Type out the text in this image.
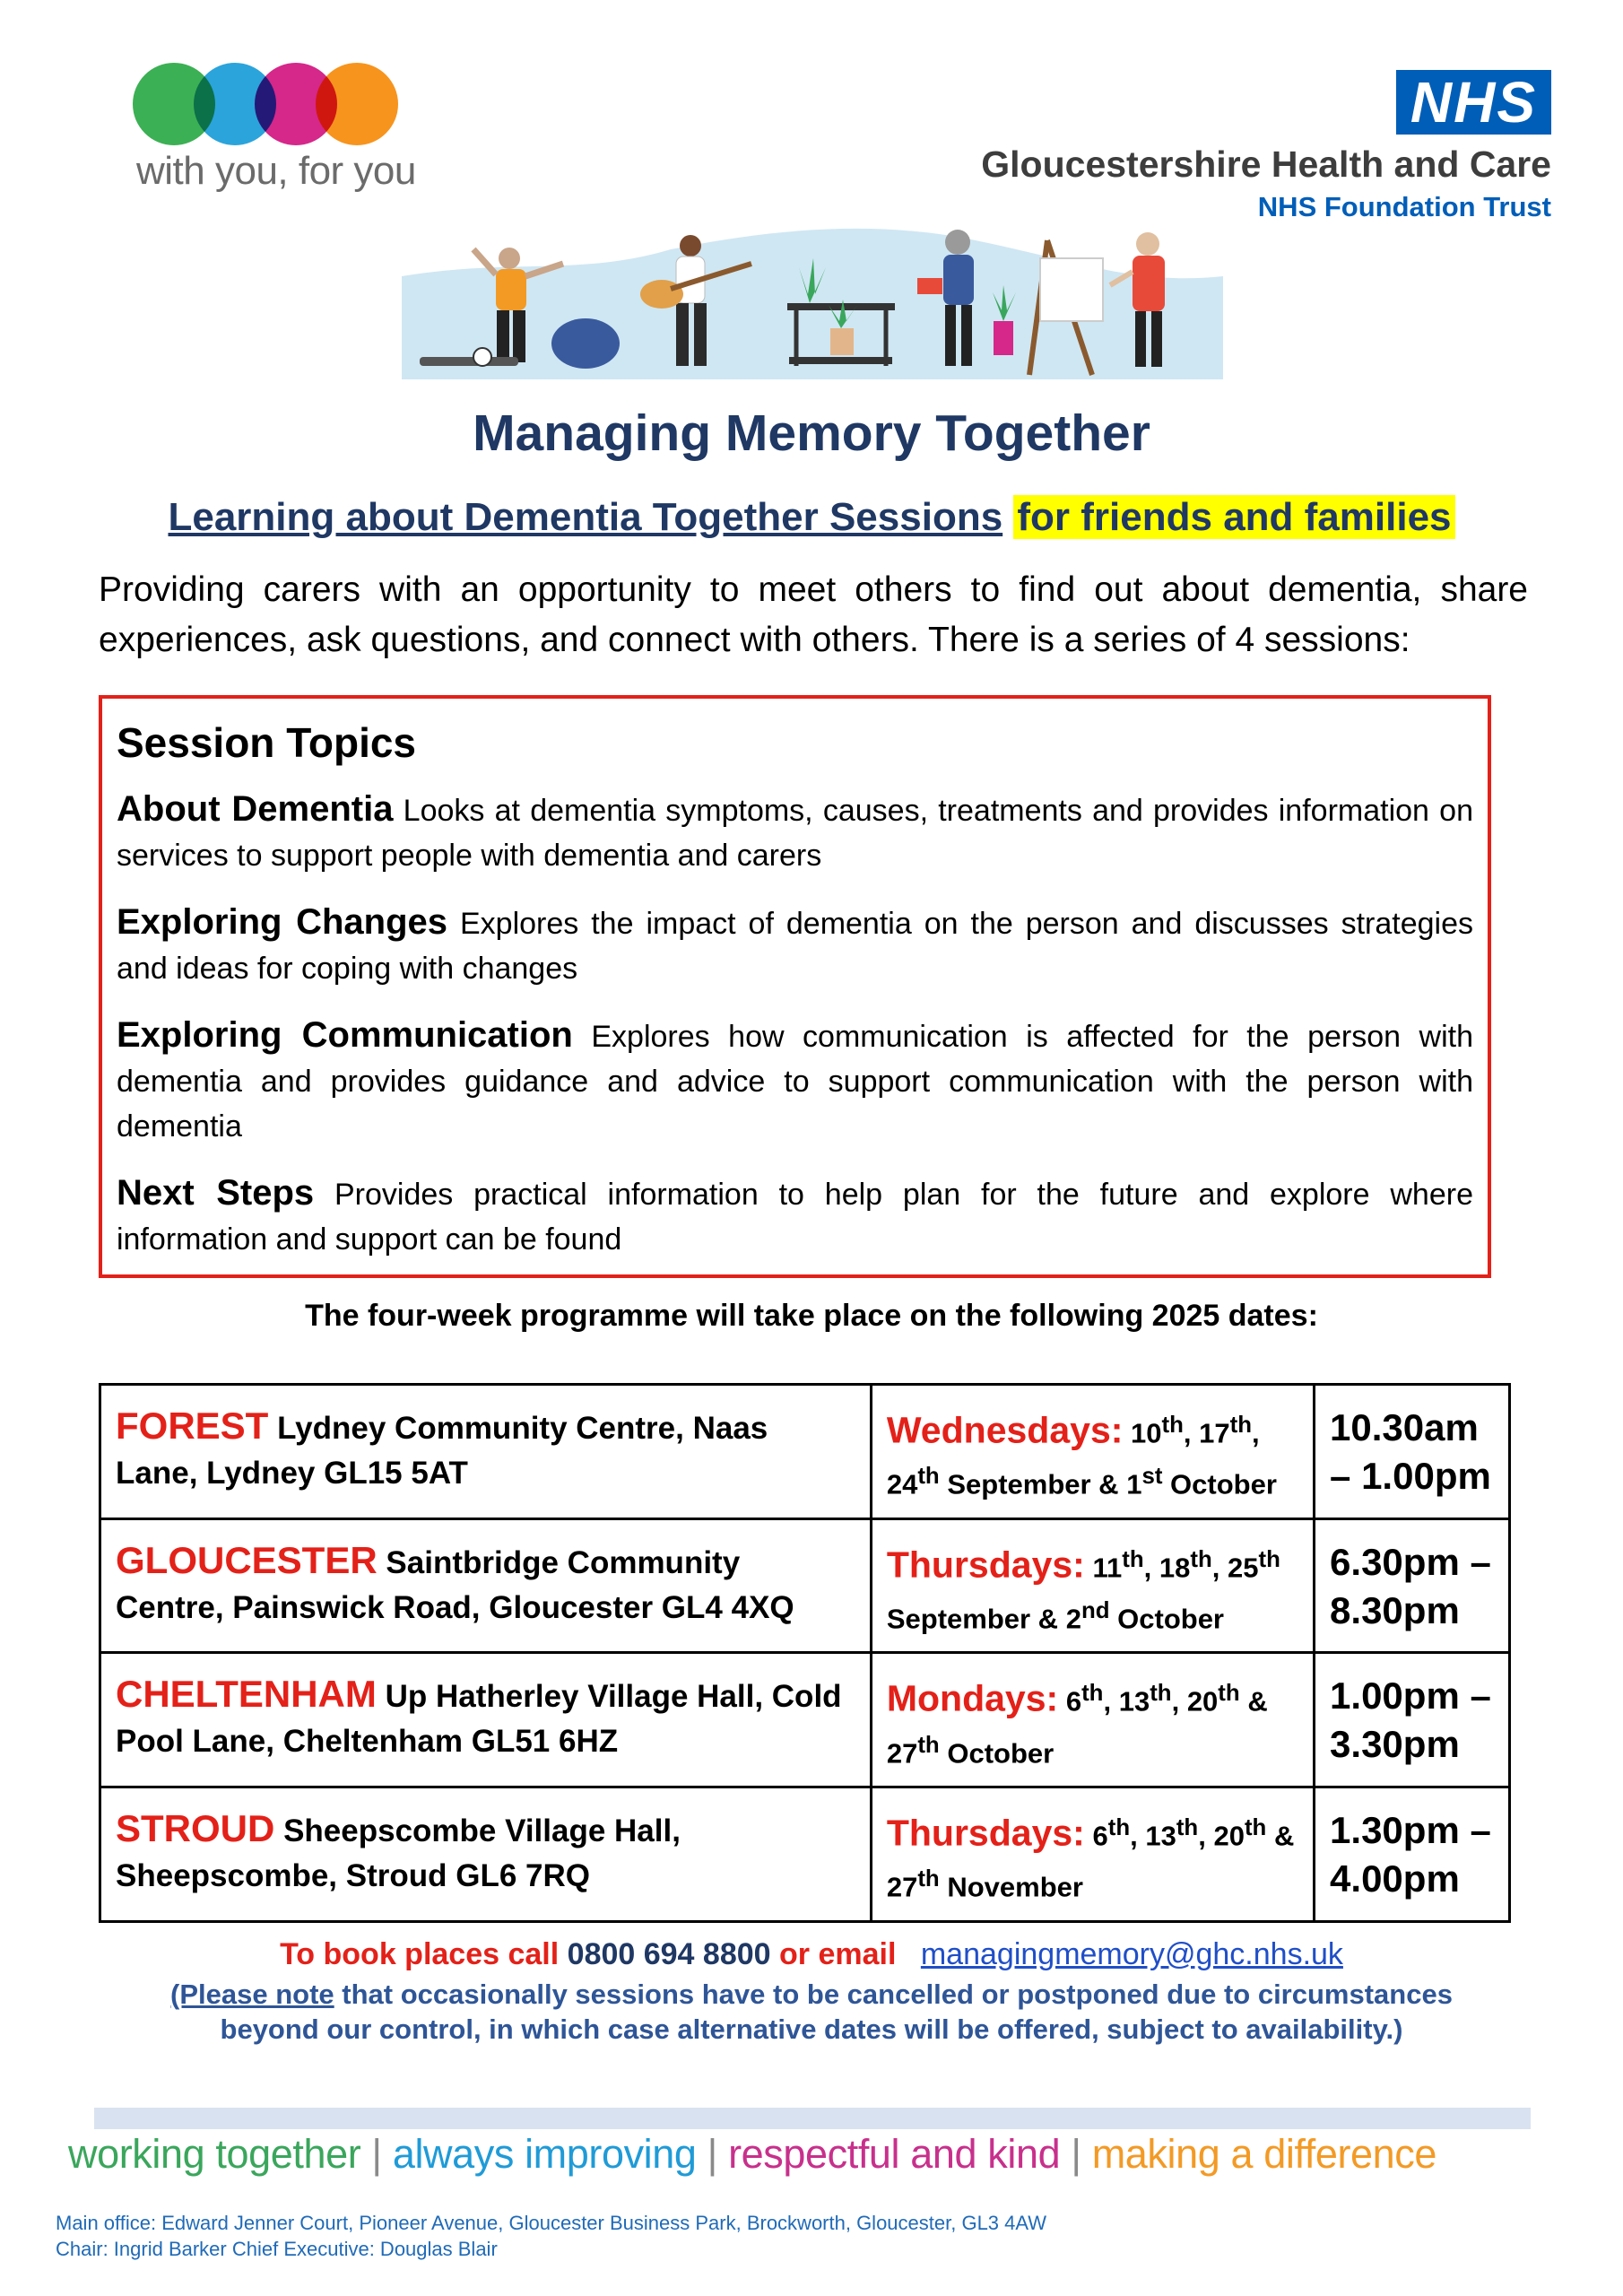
with you, for you
NHS
Gloucestershire Health and Care
NHS Foundation Trust
Managing Memory Together
Learning about Dementia Together Sessions for friends and families
Providing carers with an opportunity to meet others to find out about dementia, share experiences, ask questions, and connect with others. There is a series of 4 sessions:
Session Topics
About Dementia Looks at dementia symptoms, causes, treatments and provides information on services to support people with dementia and carers
Exploring Changes Explores the impact of dementia on the person and discusses strategies and ideas for coping with changes
Exploring Communication Explores how communication is affected for the person with dementia and provides guidance and advice to support communication with the person with dementia
Next Steps Provides practical information to help plan for the future and explore where information and support can be found
The four-week programme will take place on the following 2025 dates:
FOREST Lydney Community Centre, Naas Lane, Lydney GL15 5AT	Wednesdays: 10th, 17th, 24th September & 1st October	10.30am – 1.00pm
GLOUCESTER Saintbridge Community Centre, Painswick Road, Gloucester GL4 4XQ	Thursdays: 11th, 18th, 25th September & 2nd October	6.30pm – 8.30pm
CHELTENHAM Up Hatherley Village Hall, Cold Pool Lane, Cheltenham GL51 6HZ	Mondays: 6th, 13th, 20th & 27th October	1.00pm – 3.30pm
STROUD Sheepscombe Village Hall, Sheepscombe, Stroud GL6 7RQ	Thursdays: 6th, 13th, 20th & 27th November	1.30pm – 4.00pm
To book places call 0800 694 8800 or email managingmemory@ghc.nhs.uk
(Please note that occasionally sessions have to be cancelled or postponed due to circumstances
beyond our control, in which case alternative dates will be offered, subject to availability.)
working together | always improving | respectful and kind | making a difference
Main office: Edward Jenner Court, Pioneer Avenue, Gloucester Business Park, Brockworth, Gloucester, GL3 4AW
Chair: Ingrid Barker Chief Executive: Douglas Blair
